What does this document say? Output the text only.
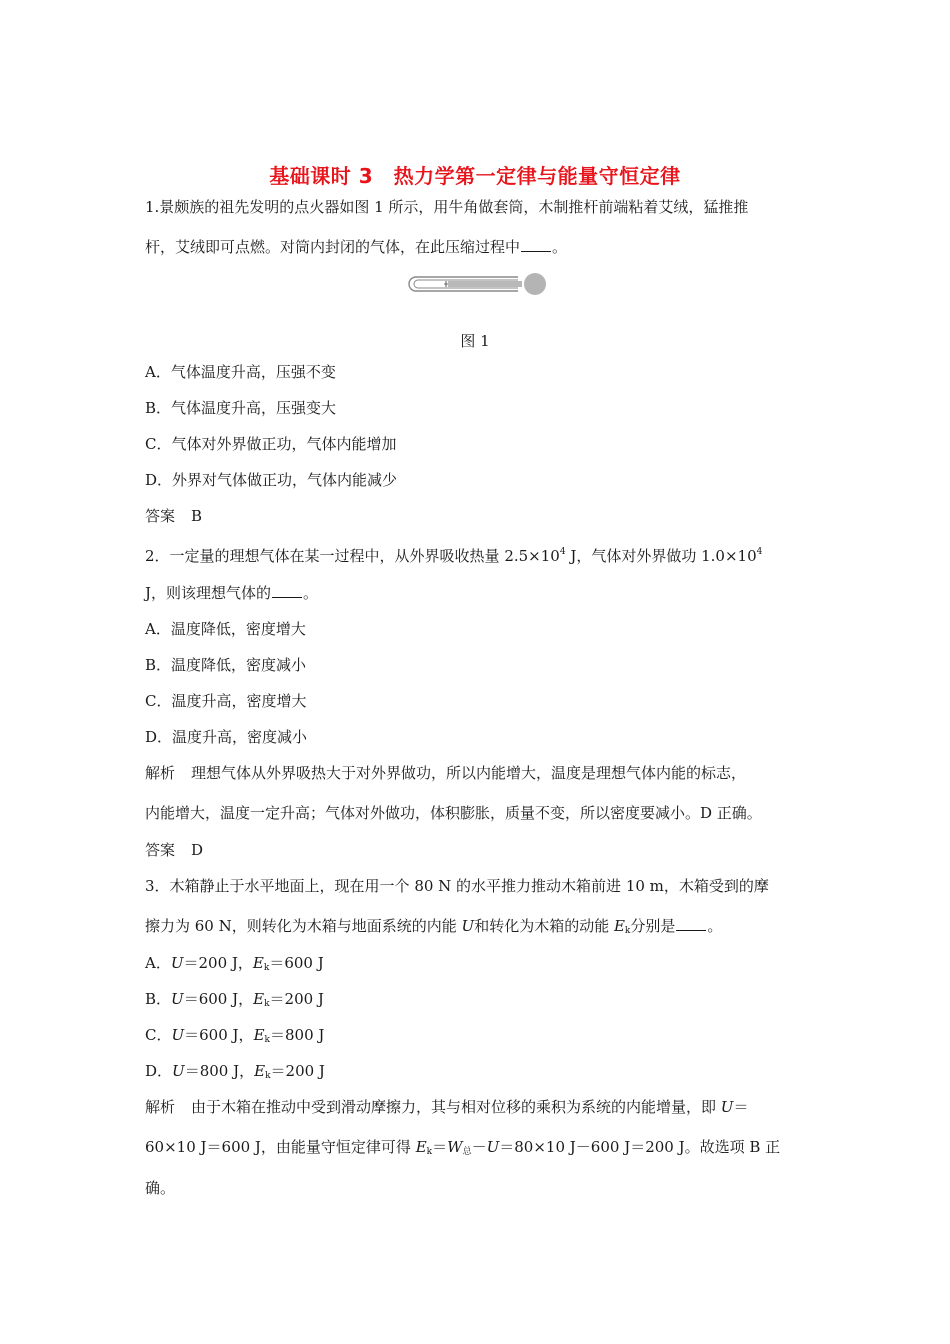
基础课时 3　热力学第一定律与能量守恒定律
1.景颇族的祖先发明的点火器如图 1 所示，用牛角做套筒，木制推杆前端粘着艾绒，猛推推
杆，艾绒即可点燃。对筒内封闭的气体，在此压缩过程中 。
图 1
A．气体温度升高，压强不变
B．气体温度升高，压强变大
C．气体对外界做正功，气体内能增加
D．外界对气体做正功，气体内能减少
答案 B
2．一定量的理想气体在某一过程中，从外界吸收热量 $2.5\times 10^4$ J，气体对外界做功 $1.0\times 10^4$
J，则该理想气体的 。
A．温度降低，密度增大
B．温度降低，密度减小
C．温度升高，密度增大
D．温度升高，密度减小
解析 理想气体从外界吸热大于对外界做功，所以内能增大，温度是理想气体内能的标志，
内能增大，温度一定升高；气体对外做功，体积膨胀，质量不变，所以密度要减小。D 正确。
答案 D
3．木箱静止于水平地面上，现在用一个 80 N 的水平推力推动木箱前进 10 m，木箱受到的摩
擦力为 60 N，则转化为木箱与地面系统的内能 U和转化为木箱的动能 $E_k$分别是 。
A．U＝200 J，$E_k=600$ J
B．U＝600 J，$E_k=200$ J
C．U＝600 J，$E_k=800$ J
D．U＝800 J，$E_k=200$ J
解析 由于木箱在推动中受到滑动摩擦力，其与相对位移的乘积为系统的内能增量，即 U＝
60×10 J＝600 J，由能量守恒定律可得 $E_k=W_总-U=80\times 10$ J－600 J＝200 J。故选项 B 正
确。
